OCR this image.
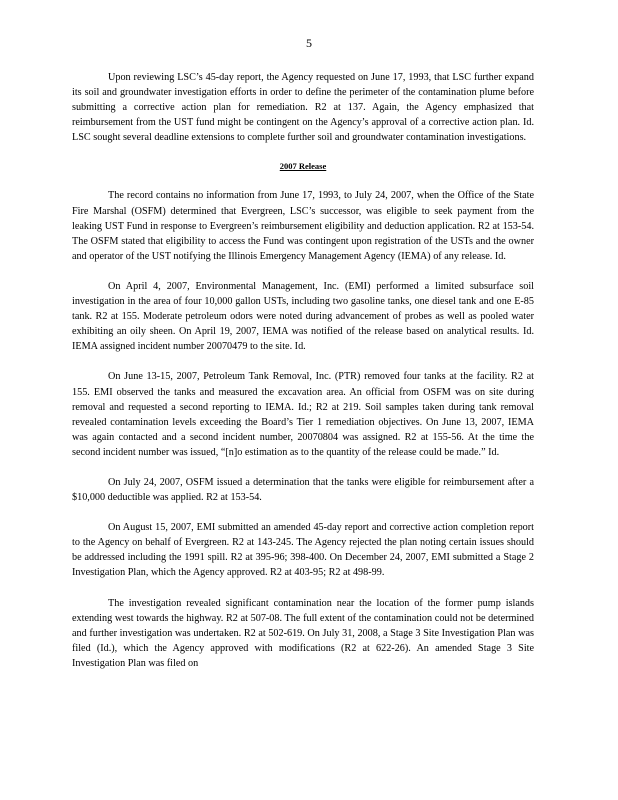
5

Upon reviewing LSC’s 45-day report, the Agency requested on June 17, 1993, that LSC further expand its soil and groundwater investigation efforts in order to define the perimeter of the contamination plume before submitting a corrective action plan for remediation. R2 at 137. Again, the Agency emphasized that reimbursement from the UST fund might be contingent on the Agency’s approval of a corrective action plan. Id. LSC sought several deadline extensions to complete further soil and groundwater contamination investigations.

2007 Release

The record contains no information from June 17, 1993, to July 24, 2007, when the Office of the State Fire Marshal (OSFM) determined that Evergreen, LSC’s successor, was eligible to seek payment from the leaking UST Fund in response to Evergreen’s reimbursement eligibility and deduction application. R2 at 153-54. The OSFM stated that eligibility to access the Fund was contingent upon registration of the USTs and the owner and operator of the UST notifying the Illinois Emergency Management Agency (IEMA) of any release. Id.

On April 4, 2007, Environmental Management, Inc. (EMI) performed a limited subsurface soil investigation in the area of four 10,000 gallon USTs, including two gasoline tanks, one diesel tank and one E-85 tank. R2 at 155. Moderate petroleum odors were noted during advancement of probes as well as pooled water exhibiting an oily sheen. On April 19, 2007, IEMA was notified of the release based on analytical results. Id. IEMA assigned incident number 20070479 to the site. Id.

On June 13-15, 2007, Petroleum Tank Removal, Inc. (PTR) removed four tanks at the facility. R2 at 155. EMI observed the tanks and measured the excavation area. An official from OSFM was on site during removal and requested a second reporting to IEMA. Id.; R2 at 219. Soil samples taken during tank removal revealed contamination levels exceeding the Board’s Tier 1 remediation objectives. On June 13, 2007, IEMA was again contacted and a second incident number, 20070804 was assigned. R2 at 155-56. At the time the second incident number was issued, “[n]o estimation as to the quantity of the release could be made.” Id.

On July 24, 2007, OSFM issued a determination that the tanks were eligible for reimbursement after a $10,000 deductible was applied. R2 at 153-54.

On August 15, 2007, EMI submitted an amended 45-day report and corrective action completion report to the Agency on behalf of Evergreen. R2 at 143-245. The Agency rejected the plan noting certain issues should be addressed including the 1991 spill. R2 at 395-96; 398-400. On December 24, 2007, EMI submitted a Stage 2 Investigation Plan, which the Agency approved. R2 at 403-95; R2 at 498-99.

The investigation revealed significant contamination near the location of the former pump islands extending west towards the highway. R2 at 507-08. The full extent of the contamination could not be determined and further investigation was undertaken. R2 at 502-619. On July 31, 2008, a Stage 3 Site Investigation Plan was filed (Id.), which the Agency approved with modifications (R2 at 622-26). An amended Stage 3 Site Investigation Plan was filed on
